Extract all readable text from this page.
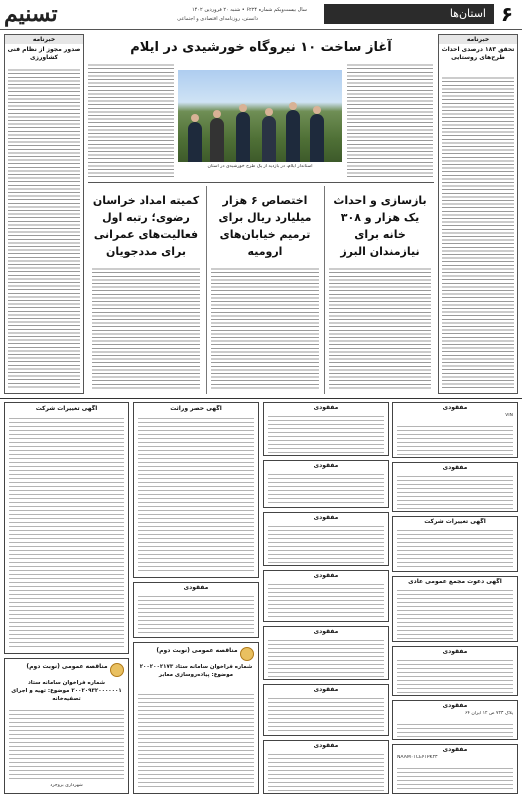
۶
استان‌ها
سال بیست‌ویکم شماره ۶۲۲۴ • شنبه ۲۰ فروردین ۱۴۰۲
دانستن، روزنامه‌ای اقتصادی و اجتماعی
تسنیم
خبرنامه
صدور مجوز از نظام فنی کشاورزی
خبرنامه
تحقق ۱۸۳ درصدی احداث طرح‌های روستایی
آغاز ساخت ۱۰ نیروگاه خورشیدی در ایلام
استاندار ایلام، در بازدید از یک طرح خورشیدی در استان
بازسازی و احداث یک هزار و ۳۰۸ خانه برای نیازمندان البرز
اختصاص ۶ هزار میلیارد ریال برای ترمیم خیابان‌های ارومیه
کمیته امداد خراسان رضوی؛ رتبه اول فعالیت‌های عمرانی برای مددجویان
مفقودی
VIN
مفقودی
آگهی تغییرات شرکت
آگهی دعوت مجمع عمومی عادی
مفقودی
مفقودی
پلاک ۷۲۳ ص ۱۲ ایران ۶۴
مفقودی
NAAM۰۱CE۴۱PK۲۳
مفقودی
مفقودی
مفقودی
مفقودی
مفقودی
مفقودی
مفقودی
آگهی حصر وراثت
مفقودی
مناقصه عمومی (نوبت دوم)
شماره فراخوان سامانه ستاد ۲۰۰۲۰۰۲۱۷۳ موضوع: پیاده‌روسازی معابر
آگهی تغییرات شرکت
مناقصه عمومی (نوبت دوم)
شماره فراخوان سامانه ستاد ۲۰۰۲۰۹۳۲۰۰۰۰۰۰۱ موضوع: تهیه و اجرای تصفیه‌خانه
شهرداری بروجرد
